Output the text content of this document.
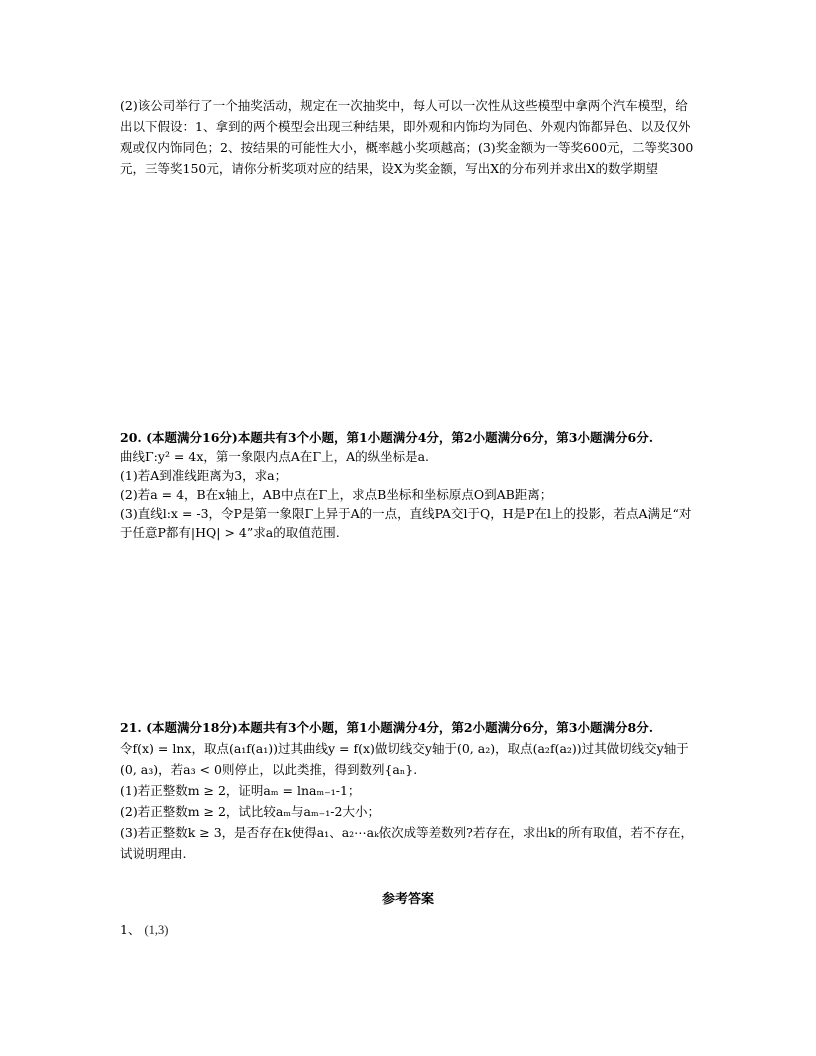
(2)该公司举行了一个抽奖活动，规定在一次抽奖中，每人可以一次性从这些模型中拿两个汽车模型，给出以下假设：1、拿到的两个模型会出现三种结果，即外观和内饰均为同色、外观内饰都异色、以及仅外观或仅内饰同色；2、按结果的可能性大小，概率越小奖项越高；(3)奖金额为一等奖600元，二等奖300元，三等奖150元，请你分析奖项对应的结果，设X为奖金额，写出X的分布列并求出X的数学期望

20. (本题满分16分)本题共有3个小题，第1小题满分4分，第2小题满分6分，第3小题满分6分.

曲线Γ:y² = 4x，第一象限内点A在Γ上，A的纵坐标是a.

(1)若A到准线距离为3，求a；

(2)若a = 4，B在x轴上，AB中点在Γ上，求点B坐标和坐标原点O到AB距离；

(3)直线l:x = -3，令P是第一象限Γ上异于A的一点，直线PA交l于Q，H是P在l上的投影，若点A满足“对于任意P都有|HQ| > 4”求a的取值范围.

21. (本题满分18分)本题共有3个小题，第1小题满分4分，第2小题满分6分，第3小题满分8分.

令f(x) = lnx，取点(a₁f(a₁))过其曲线y = f(x)做切线交y轴于(0, a₂)，取点(a₂f(a₂))过其做切线交y轴于(0, a₃)，若a₃ < 0则停止，以此类推，得到数列{aₙ}.

(1)若正整数m ≥ 2，证明aₘ = lnaₘ₋₁-1；

(2)若正整数m ≥ 2，试比较aₘ与aₘ₋₁-2大小；

(3)若正整数k ≥ 3，是否存在k使得a₁、a₂⋯aₖ依次成等差数列?若存在，求出k的所有取值，若不存在，试说明理由.

参考答案
1、 (1,3)
